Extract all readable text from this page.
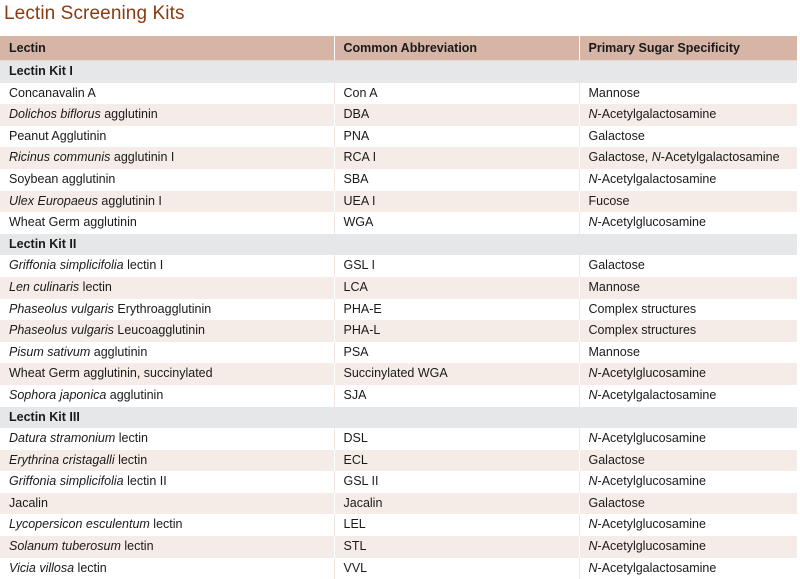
Lectin Screening Kits
Lectin	Common Abbreviation	Primary Sugar Specificity
Lectin Kit I		
Concanavalin A	Con A	Mannose
Dolichos biflorus agglutinin	DBA	N-Acetylgalactosamine
Peanut Agglutinin	PNA	Galactose
Ricinus communis agglutinin I	RCA I	Galactose, N-Acetylgalactosamine
Soybean agglutinin	SBA	N-Acetylgalactosamine
Ulex Europaeus agglutinin I	UEA I	Fucose
Wheat Germ agglutinin	WGA	N-Acetylglucosamine
Lectin Kit II		
Griffonia simplicifolia lectin I	GSL I	Galactose
Len culinaris lectin	LCA	Mannose
Phaseolus vulgaris Erythroagglutinin	PHA-E	Complex structures
Phaseolus vulgaris Leucoagglutinin	PHA-L	Complex structures
Pisum sativum agglutinin	PSA	Mannose
Wheat Germ agglutinin, succinylated	Succinylated WGA	N-Acetylglucosamine
Sophora japonica agglutinin	SJA	N-Acetylgalactosamine
Lectin Kit III		
Datura stramonium lectin	DSL	N-Acetylglucosamine
Erythrina cristagalli lectin	ECL	Galactose
Griffonia simplicifolia lectin II	GSL II	N-Acetylglucosamine
Jacalin	Jacalin	Galactose
Lycopersicon esculentum lectin	LEL	N-Acetylglucosamine
Solanum tuberosum lectin	STL	N-Acetylglucosamine
Vicia villosa lectin	VVL	N-Acetylgalactosamine
